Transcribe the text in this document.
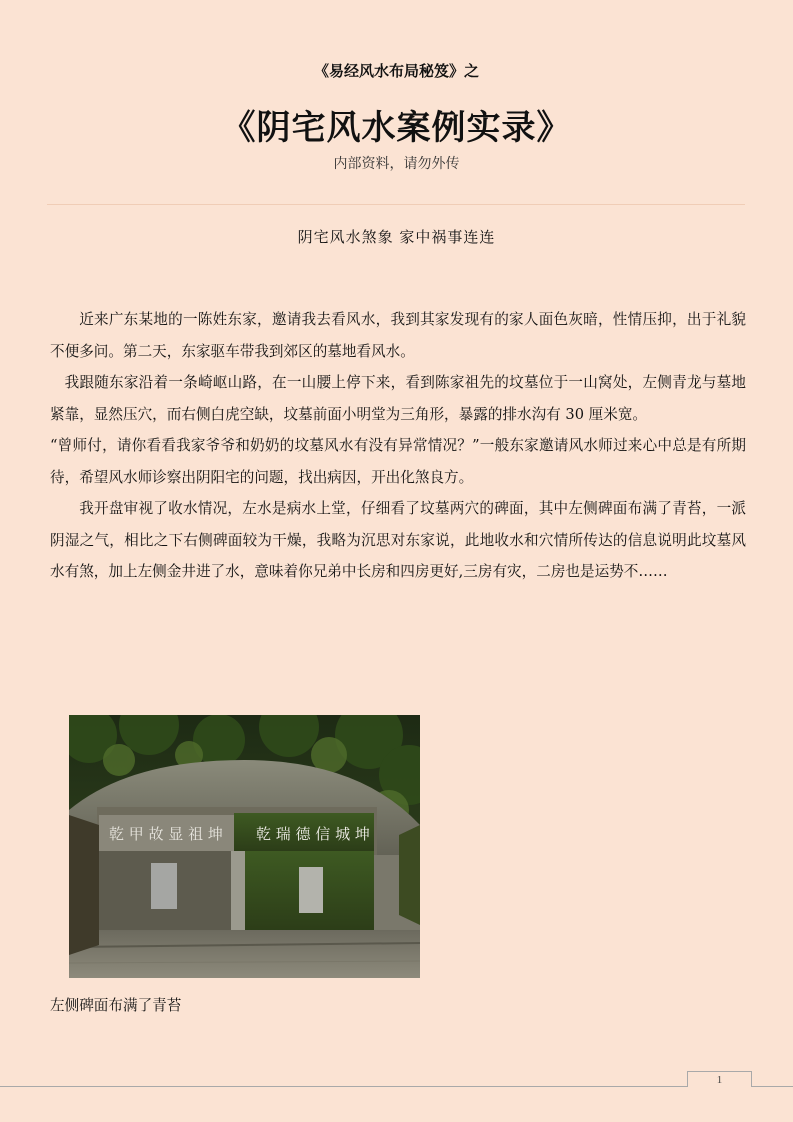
《易经风水布局秘笈》之
《阴宅风水案例实录》
内部资料，请勿外传
阴宅风水煞象 家中祸事连连

近来广东某地的一陈姓东家，邀请我去看风水，我到其家发现有的家人面色灰暗，性情压抑，出于礼貌不便多问。第二天，东家驱车带我到郊区的墓地看风水。

我跟随东家沿着一条崎岖山路，在一山腰上停下来，看到陈家祖先的坟墓位于一山窝处，左侧青龙与墓地紧靠，显然压穴，而右侧白虎空缺，坟墓前面小明堂为三角形，暴露的排水沟有 30 厘米宽。

“曾师付，请你看看我家爷爷和奶奶的坟墓风水有没有异常情况？”一般东家邀请风水师过来心中总是有所期待，希望风水师诊察出阴阳宅的问题，找出病因，开出化煞良方。

我开盘审视了收水情况，左水是病水上堂，仔细看了坟墓两穴的碑面，其中左侧碑面布满了青苔，一派阴湿之气，相比之下右侧碑面较为干燥，我略为沉思对东家说，此地收水和穴情所传达的信息说明此坟墓风水有煞，加上左侧金井进了水，意味着你兄弟中长房和四房更好,三房有灾，二房也是运势不……

乾 甲 故 显 祖 坤 乾 瑞 德 信 城 坤
左侧碑面布满了青苔
1
